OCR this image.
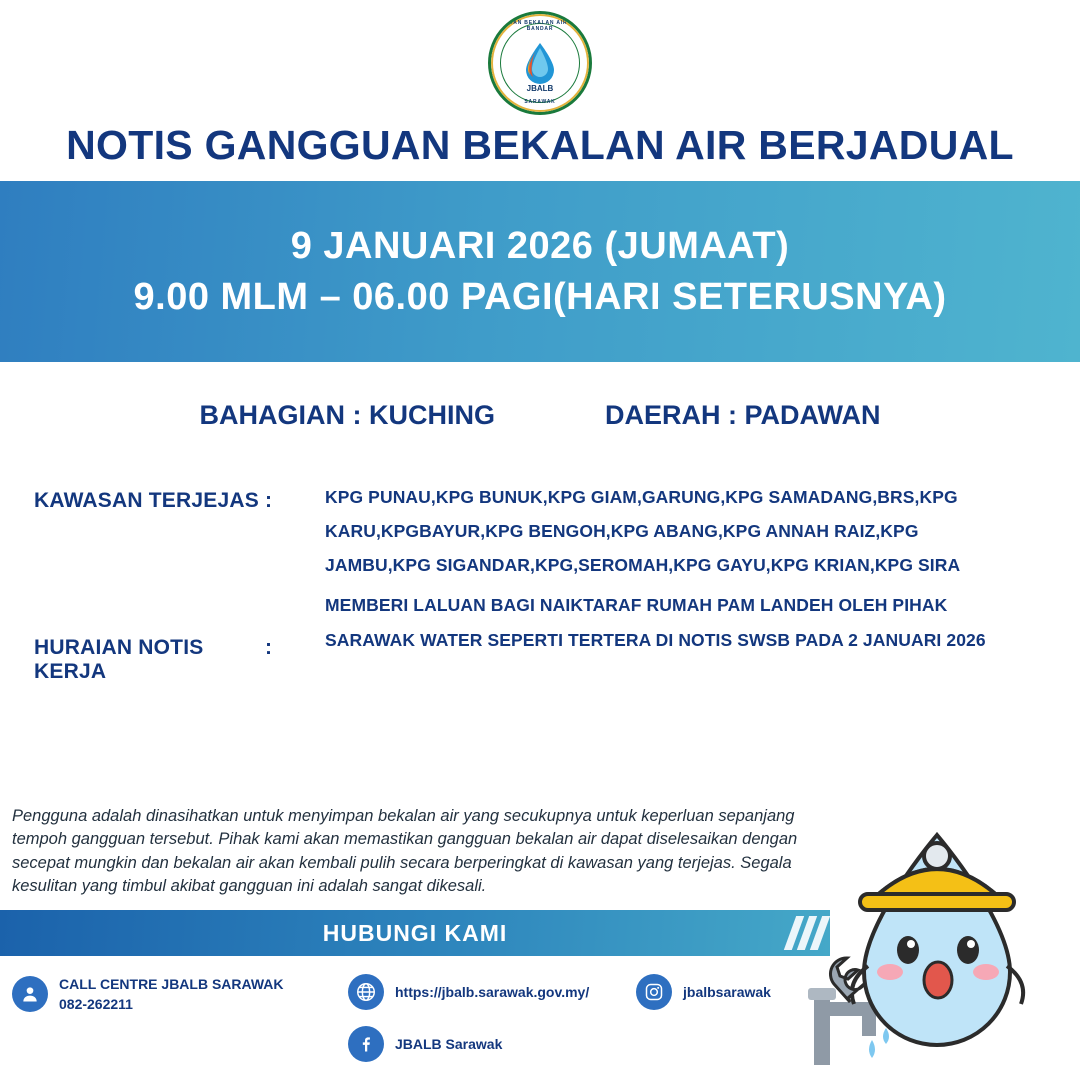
JABATAN BEKALAN AIR LUAR BANDAR
JBALB
SARAWAK
NOTIS GANGGUAN BEKALAN AIR BERJADUAL
9 JANUARI 2026 (JUMAAT)
9.00 MLM – 06.00 PAGI(HARI SETERUSNYA)
BAHAGIAN : KUCHING	DAERAH : PADAWAN
KAWASAN TERJEJAS :	KPG PUNAU,KPG BUNUK,KPG GIAM,GARUNG,KPG SAMADANG,BRS,KPG KARU,KPGBAYUR,KPG BENGOH,KPG ABANG,KPG ANNAH RAIZ,KPG JAMBU,KPG SIGANDAR,KPG,SEROMAH,KPG GAYU,KPG KRIAN,KPG SIRA
HURAIAN NOTIS KERJA
:
MEMBERI LALUAN BAGI NAIKTARAF RUMAH PAM LANDEH OLEH PIHAK SARAWAK WATER SEPERTI TERTERA DI NOTIS SWSB PADA 2 JANUARI 2026
Pengguna adalah dinasihatkan untuk menyimpan bekalan air yang secukupnya untuk keperluan sepanjang tempoh gangguan tersebut. Pihak kami akan memastikan gangguan bekalan air dapat diselesaikan dengan secepat mungkin dan bekalan air akan kembali pulih secara berperingkat di kawasan yang terjejas. Segala kesulitan yang timbul akibat gangguan ini adalah sangat dikesali.
HUBUNGI KAMI
CALL CENTRE JBALB SARAWAK
082-262211
https://jbalb.sarawak.gov.my/	jbalbsarawak
JBALB Sarawak
